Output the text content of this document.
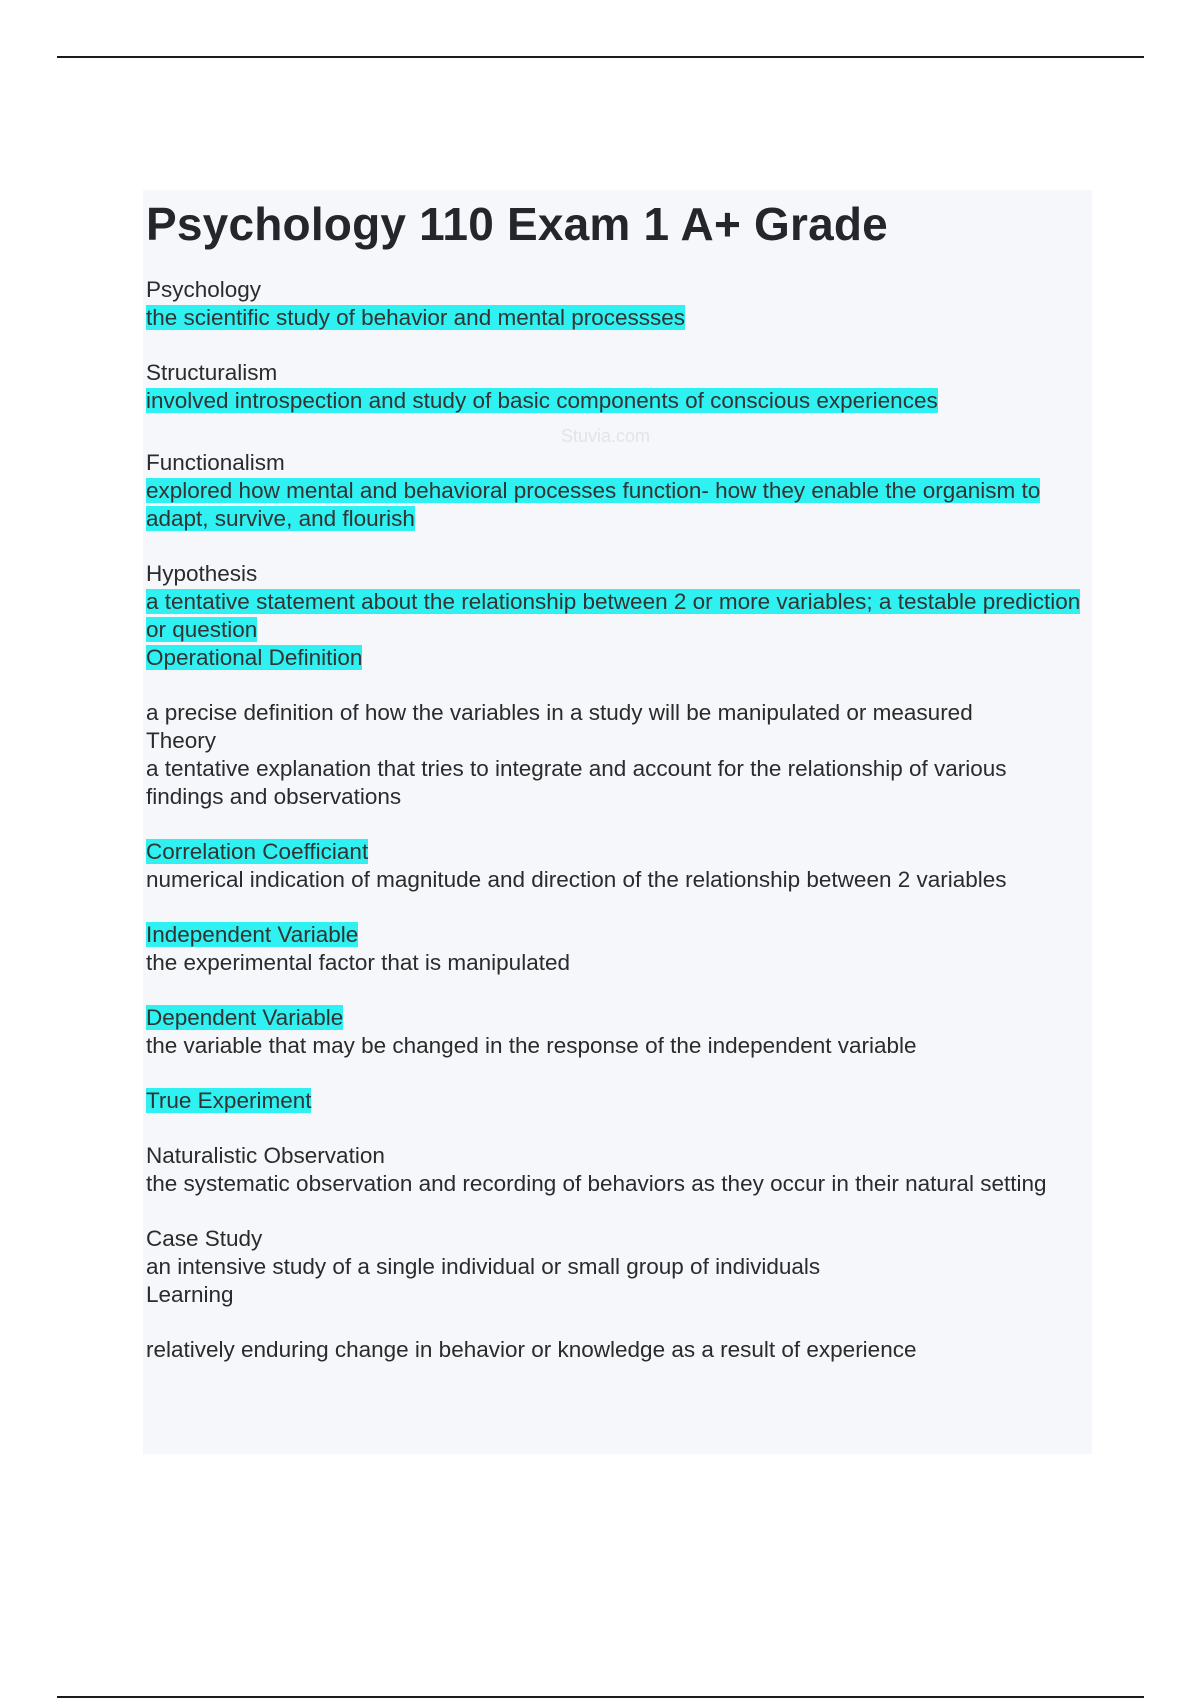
Stuvia.com
Psychology 110 Exam 1 A+ Grade
Psychology
the scientific study of behavior and mental processses
Structuralism
involved introspection and study of basic components of conscious experiences
Functionalism
explored how mental and behavioral processes function- how they enable the organism to adapt, survive, and flourish
Hypothesis
a tentative statement about the relationship between 2 or more variables; a testable prediction or question
Operational Definition
a precise definition of how the variables in a study will be manipulated or measured
Theory
a tentative explanation that tries to integrate and account for the relationship of various findings and observations
Correlation Coefficiant
numerical indication of magnitude and direction of the relationship between 2 variables
Independent Variable
the experimental factor that is manipulated
Dependent Variable
the variable that may be changed in the response of the independent variable
True Experiment
Naturalistic Observation
the systematic observation and recording of behaviors as they occur in their natural setting
Case Study
an intensive study of a single individual or small group of individuals
Learning
relatively enduring change in behavior or knowledge as a result of experience
